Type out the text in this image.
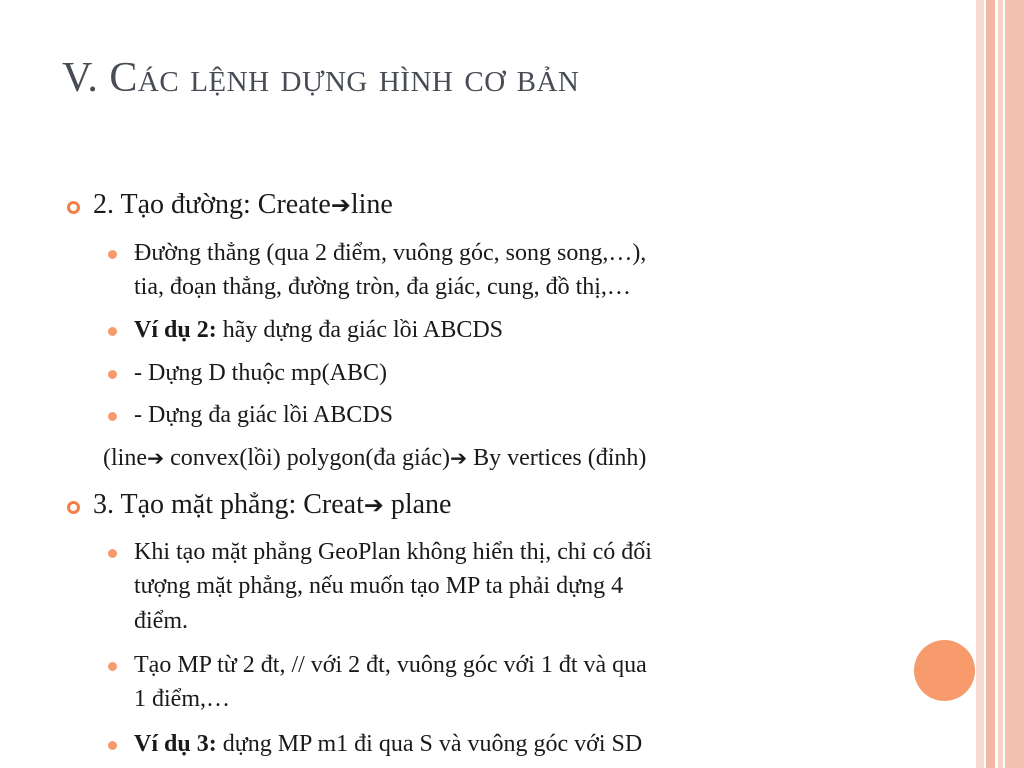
V. Các lệnh dựng hình cơ bản
2. Tạo đường: Create➔line
Đường thẳng (qua 2 điểm, vuông góc, song song,…),
tia, đoạn thẳng, đường tròn, đa giác, cung, đồ thị,…
Ví dụ 2: hãy dựng đa giác lồi ABCDS
- Dựng D thuộc mp(ABC)
- Dựng đa giác lồi ABCDS
(line➔ convex(lồi) polygon(đa giác)➔ By vertices (đỉnh)
3. Tạo mặt phẳng: Creat➔ plane
Khi tạo mặt phẳng GeoPlan không hiển thị, chỉ có đối
tượng mặt phẳng, nếu muốn tạo MP ta phải dựng 4
điểm.
Tạo MP từ 2 đt, // với 2 đt, vuông góc với 1 đt và qua
1 điểm,…
Ví dụ 3: dựng MP m1 đi qua S và vuông góc với SD
